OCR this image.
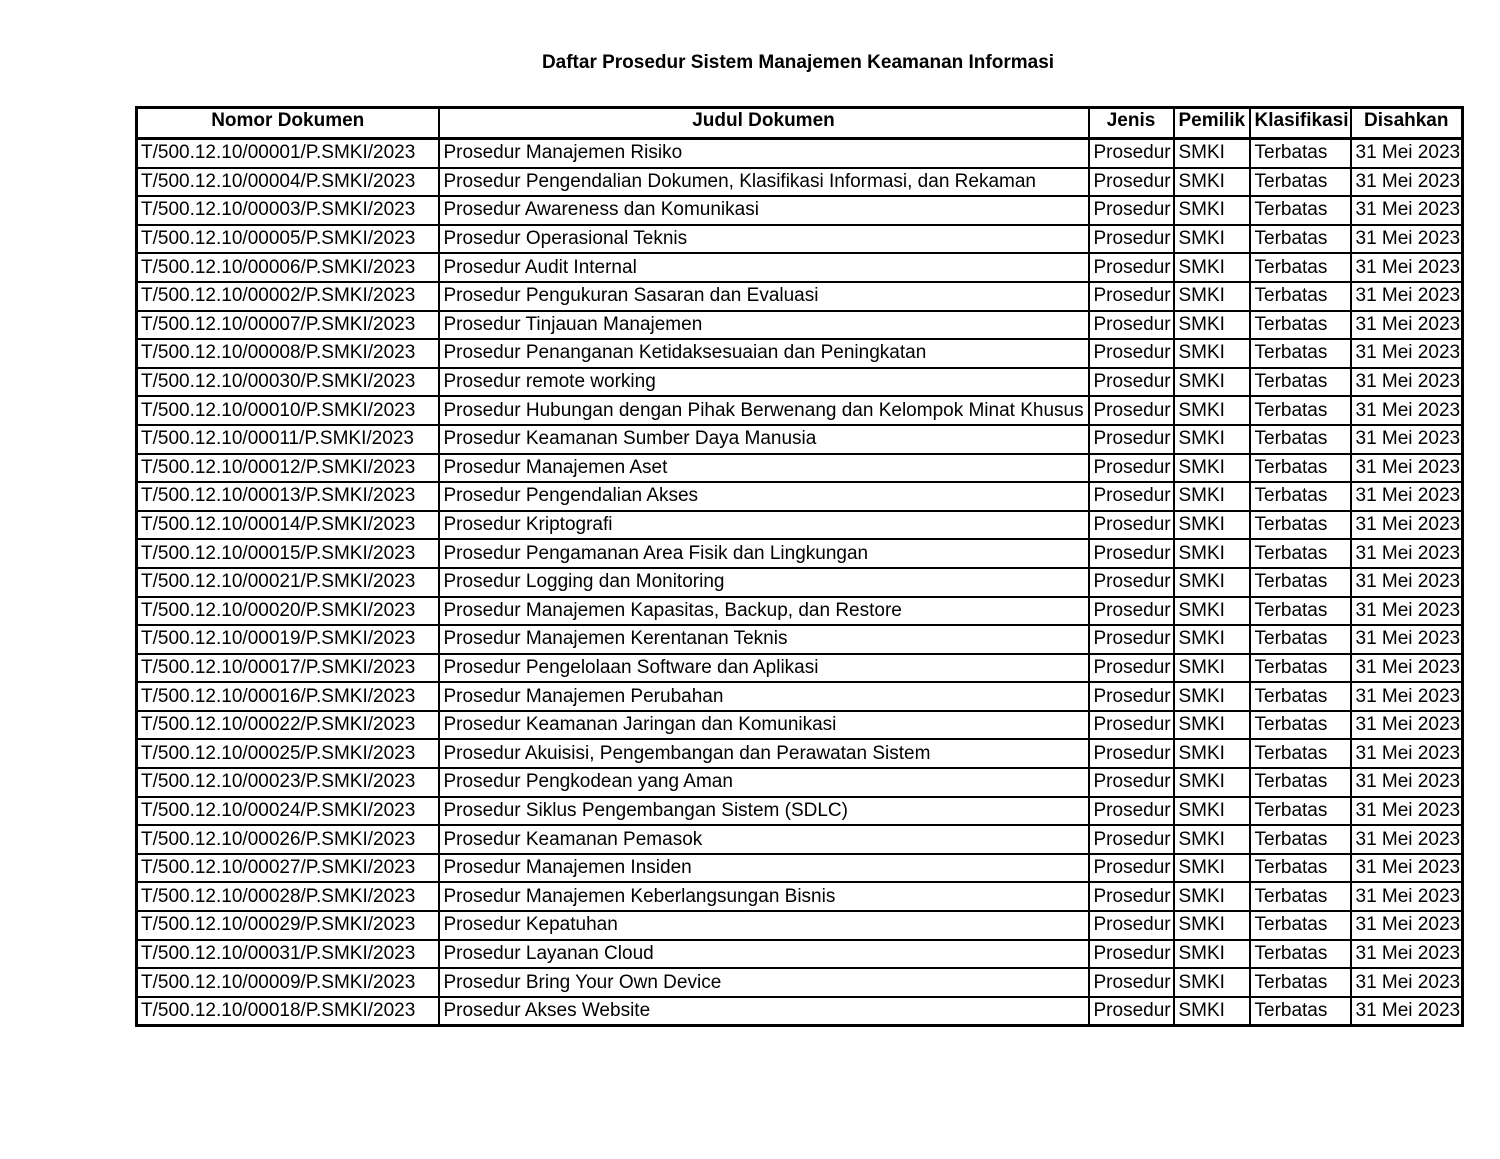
Daftar Prosedur Sistem Manajemen Keamanan Informasi
Nomor Dokumen	Judul Dokumen	Jenis	Pemilik	Klasifikasi	Disahkan
T/500.12.10/00001/P.SMKI/2023	Prosedur Manajemen Risiko	Prosedur	SMKI	Terbatas	31 Mei 2023
T/500.12.10/00004/P.SMKI/2023	Prosedur Pengendalian Dokumen, Klasifikasi Informasi, dan Rekaman	Prosedur	SMKI	Terbatas	31 Mei 2023
T/500.12.10/00003/P.SMKI/2023	Prosedur Awareness dan Komunikasi	Prosedur	SMKI	Terbatas	31 Mei 2023
T/500.12.10/00005/P.SMKI/2023	Prosedur Operasional Teknis	Prosedur	SMKI	Terbatas	31 Mei 2023
T/500.12.10/00006/P.SMKI/2023	Prosedur Audit Internal	Prosedur	SMKI	Terbatas	31 Mei 2023
T/500.12.10/00002/P.SMKI/2023	Prosedur Pengukuran Sasaran dan Evaluasi	Prosedur	SMKI	Terbatas	31 Mei 2023
T/500.12.10/00007/P.SMKI/2023	Prosedur Tinjauan Manajemen	Prosedur	SMKI	Terbatas	31 Mei 2023
T/500.12.10/00008/P.SMKI/2023	Prosedur Penanganan Ketidaksesuaian dan Peningkatan	Prosedur	SMKI	Terbatas	31 Mei 2023
T/500.12.10/00030/P.SMKI/2023	Prosedur remote working	Prosedur	SMKI	Terbatas	31 Mei 2023
T/500.12.10/00010/P.SMKI/2023	Prosedur Hubungan dengan Pihak Berwenang dan Kelompok Minat Khusus	Prosedur	SMKI	Terbatas	31 Mei 2023
T/500.12.10/00011/P.SMKI/2023	Prosedur Keamanan Sumber Daya Manusia	Prosedur	SMKI	Terbatas	31 Mei 2023
T/500.12.10/00012/P.SMKI/2023	Prosedur Manajemen Aset	Prosedur	SMKI	Terbatas	31 Mei 2023
T/500.12.10/00013/P.SMKI/2023	Prosedur Pengendalian Akses	Prosedur	SMKI	Terbatas	31 Mei 2023
T/500.12.10/00014/P.SMKI/2023	Prosedur Kriptografi	Prosedur	SMKI	Terbatas	31 Mei 2023
T/500.12.10/00015/P.SMKI/2023	Prosedur Pengamanan Area Fisik dan Lingkungan	Prosedur	SMKI	Terbatas	31 Mei 2023
T/500.12.10/00021/P.SMKI/2023	Prosedur Logging dan Monitoring	Prosedur	SMKI	Terbatas	31 Mei 2023
T/500.12.10/00020/P.SMKI/2023	Prosedur Manajemen Kapasitas, Backup, dan Restore	Prosedur	SMKI	Terbatas	31 Mei 2023
T/500.12.10/00019/P.SMKI/2023	Prosedur Manajemen Kerentanan Teknis	Prosedur	SMKI	Terbatas	31 Mei 2023
T/500.12.10/00017/P.SMKI/2023	Prosedur Pengelolaan Software dan Aplikasi	Prosedur	SMKI	Terbatas	31 Mei 2023
T/500.12.10/00016/P.SMKI/2023	Prosedur Manajemen Perubahan	Prosedur	SMKI	Terbatas	31 Mei 2023
T/500.12.10/00022/P.SMKI/2023	Prosedur Keamanan Jaringan dan Komunikasi	Prosedur	SMKI	Terbatas	31 Mei 2023
T/500.12.10/00025/P.SMKI/2023	Prosedur Akuisisi, Pengembangan dan Perawatan Sistem	Prosedur	SMKI	Terbatas	31 Mei 2023
T/500.12.10/00023/P.SMKI/2023	Prosedur Pengkodean yang Aman	Prosedur	SMKI	Terbatas	31 Mei 2023
T/500.12.10/00024/P.SMKI/2023	Prosedur Siklus Pengembangan Sistem (SDLC)	Prosedur	SMKI	Terbatas	31 Mei 2023
T/500.12.10/00026/P.SMKI/2023	Prosedur Keamanan Pemasok	Prosedur	SMKI	Terbatas	31 Mei 2023
T/500.12.10/00027/P.SMKI/2023	Prosedur Manajemen Insiden	Prosedur	SMKI	Terbatas	31 Mei 2023
T/500.12.10/00028/P.SMKI/2023	Prosedur Manajemen Keberlangsungan Bisnis	Prosedur	SMKI	Terbatas	31 Mei 2023
T/500.12.10/00029/P.SMKI/2023	Prosedur Kepatuhan	Prosedur	SMKI	Terbatas	31 Mei 2023
T/500.12.10/00031/P.SMKI/2023	Prosedur Layanan Cloud	Prosedur	SMKI	Terbatas	31 Mei 2023
T/500.12.10/00009/P.SMKI/2023	Prosedur Bring Your Own Device	Prosedur	SMKI	Terbatas	31 Mei 2023
T/500.12.10/00018/P.SMKI/2023	Prosedur Akses Website	Prosedur	SMKI	Terbatas	31 Mei 2023
